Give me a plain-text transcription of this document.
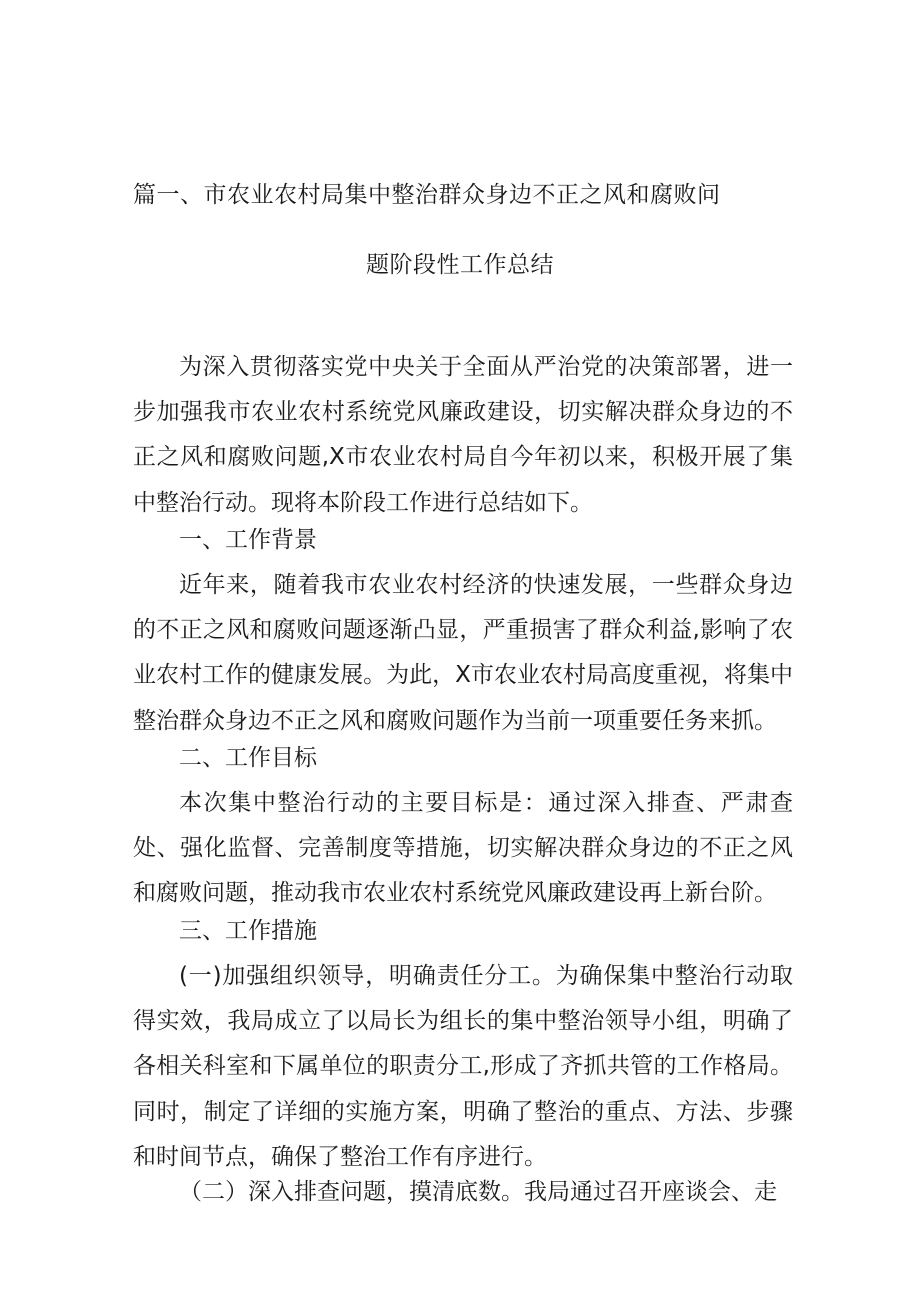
篇一、市农业农村局集中整治群众身边不正之风和腐败问
题阶段性工作总结
为深入贯彻落实党中央关于全面从严治党的决策部署，进一步加强我市农业农村系统党风廉政建设，切实解决群众身边的不正之风和腐败问题,X市农业农村局自今年初以来，积极开展了集中整治行动。现将本阶段工作进行总结如下。
一、工作背景
近年来，随着我市农业农村经济的快速发展，一些群众身边的不正之风和腐败问题逐渐凸显，严重损害了群众利益,影响了农业农村工作的健康发展。为此，X市农业农村局高度重视，将集中整治群众身边不正之风和腐败问题作为当前一项重要任务来抓。
二、工作目标
本次集中整治行动的主要目标是：通过深入排查、严肃查处、强化监督、完善制度等措施，切实解决群众身边的不正之风和腐败问题，推动我市农业农村系统党风廉政建设再上新台阶。
三、工作措施
(一)加强组织领导，明确责任分工。为确保集中整治行动取得实效，我局成立了以局长为组长的集中整治领导小组，明确了各相关科室和下属单位的职责分工,形成了齐抓共管的工作格局。同时，制定了详细的实施方案，明确了整治的重点、方法、步骤和时间节点，确保了整治工作有序进行。
（二）深入排查问题，摸清底数。我局通过召开座谈会、走
